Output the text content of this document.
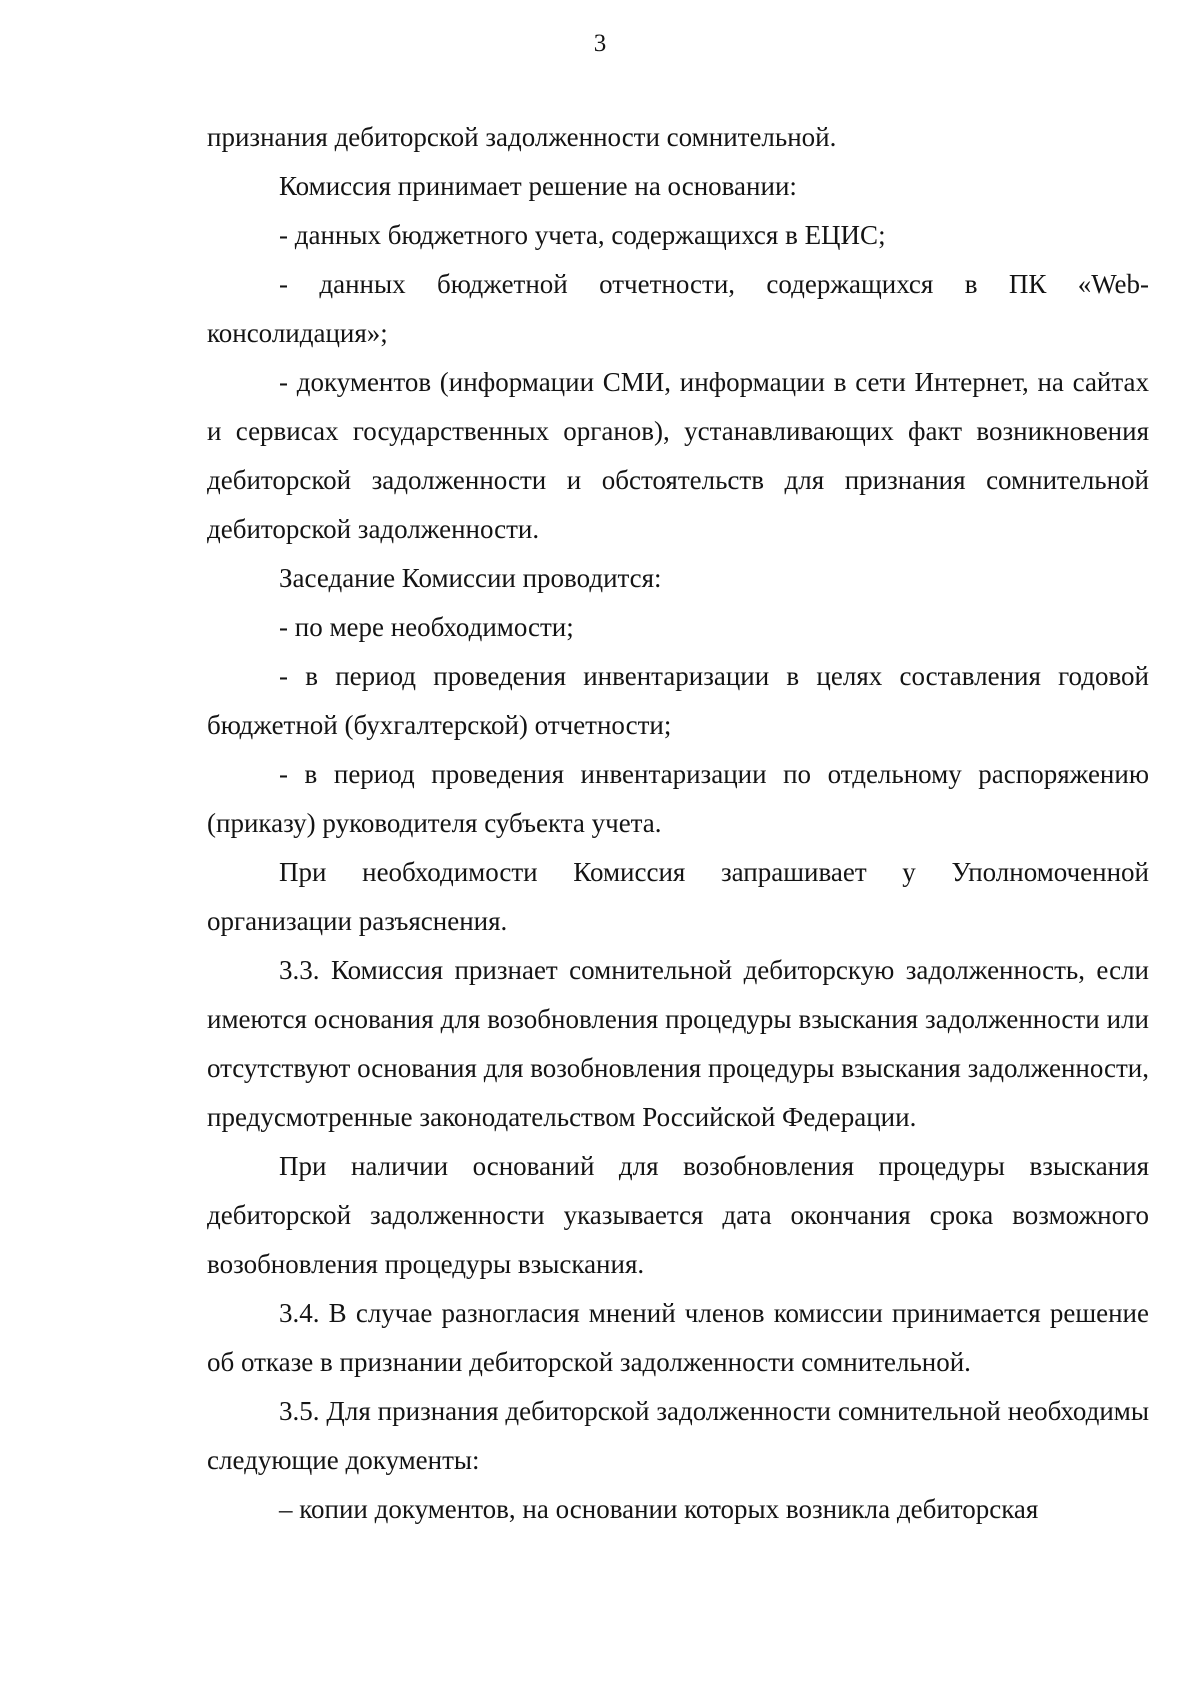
3

признания дебиторской задолженности сомнительной.

Комиссия принимает решение на основании:

- данных бюджетного учета, содержащихся в ЕЦИС;

- данных бюджетной отчетности, содержащихся в ПК «Web-консолидация»;

- документов (информации СМИ, информации в сети Интернет, на сайтах и сервисах государственных органов), устанавливающих факт возникновения дебиторской задолженности и обстоятельств для признания сомнительной дебиторской задолженности.

Заседание Комиссии проводится:

- по мере необходимости;

- в период проведения инвентаризации в целях составления годовой бюджетной (бухгалтерской) отчетности;

- в период проведения инвентаризации по отдельному распоряжению (приказу) руководителя субъекта учета.

При необходимости Комиссия запрашивает у Уполномоченной организации разъяснения.

3.3. Комиссия признает сомнительной дебиторскую задолженность, если имеются основания для возобновления процедуры взыскания задолженности или отсутствуют основания для возобновления процедуры взыскания задолженности, предусмотренные законодательством Российской Федерации.

При наличии оснований для возобновления процедуры взыскания дебиторской задолженности указывается дата окончания срока возможного возобновления процедуры взыскания.

3.4. В случае разногласия мнений членов комиссии принимается решение об отказе в признании дебиторской задолженности сомнительной.

3.5. Для признания дебиторской задолженности сомнительной необходимы следующие документы:

– копии документов, на основании которых возникла дебиторская
